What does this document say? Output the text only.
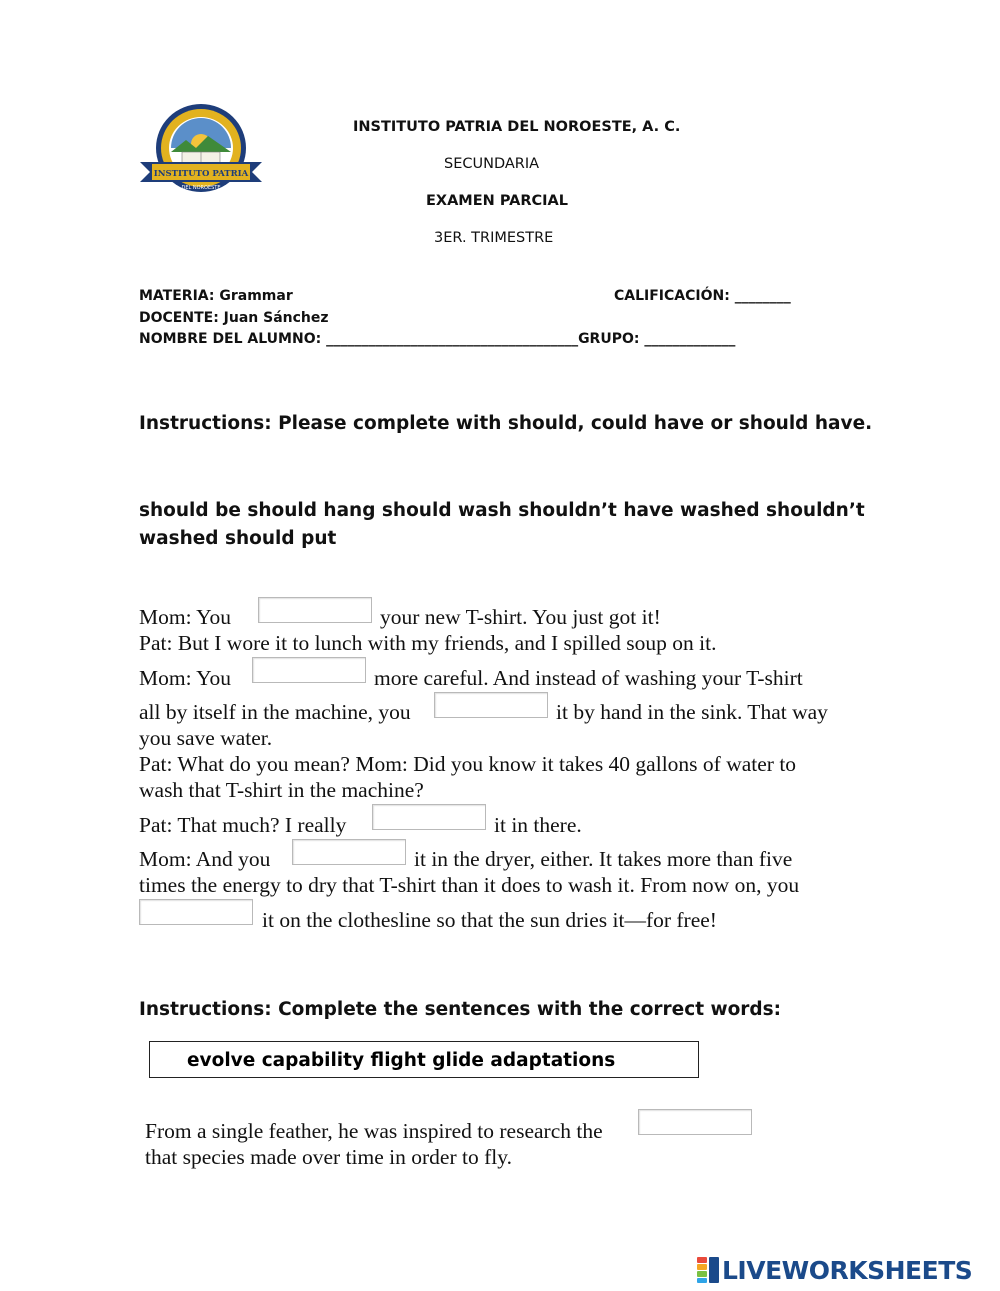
INSTITUTO PATRIA
DEL NOROESTE
INSTITUTO PATRIA DEL NOROESTE, A. C.
SECUNDARIA
EXAMEN PARCIAL
3ER. TRIMESTRE
MATERIA: Grammar	CALIFICACIÓN: ________
DOCENTE: Juan Sánchez
NOMBRE DEL ALUMNO: ____________________________________GRUPO: _____________
Instructions: Please complete with should, could have or should have.
should be should hang should wash shouldn’t have washed shouldn’t
washed should put
Mom: You	your new T-shirt. You just got it!
Pat: But I wore it to lunch with my friends, and I spilled soup on it.
Mom: You	more careful. And instead of washing your T-shirt
all by itself in the machine, you	it by hand in the sink. That way
you save water.
Pat: What do you mean? Mom: Did you know it takes 40 gallons of water to
wash that T-shirt in the machine?
Pat: That much? I really	it in there.
Mom: And you	it in the dryer, either. It takes more than five
times the energy to dry that T-shirt than it does to wash it. From now on, you
it on the clothesline so that the sun dries it—for free!
Instructions: Complete the sentences with the correct words:
evolve capability flight glide adaptations
From a single feather, he was inspired to research the
that species made over time in order to fly.
LIVEWORKSHEETS
